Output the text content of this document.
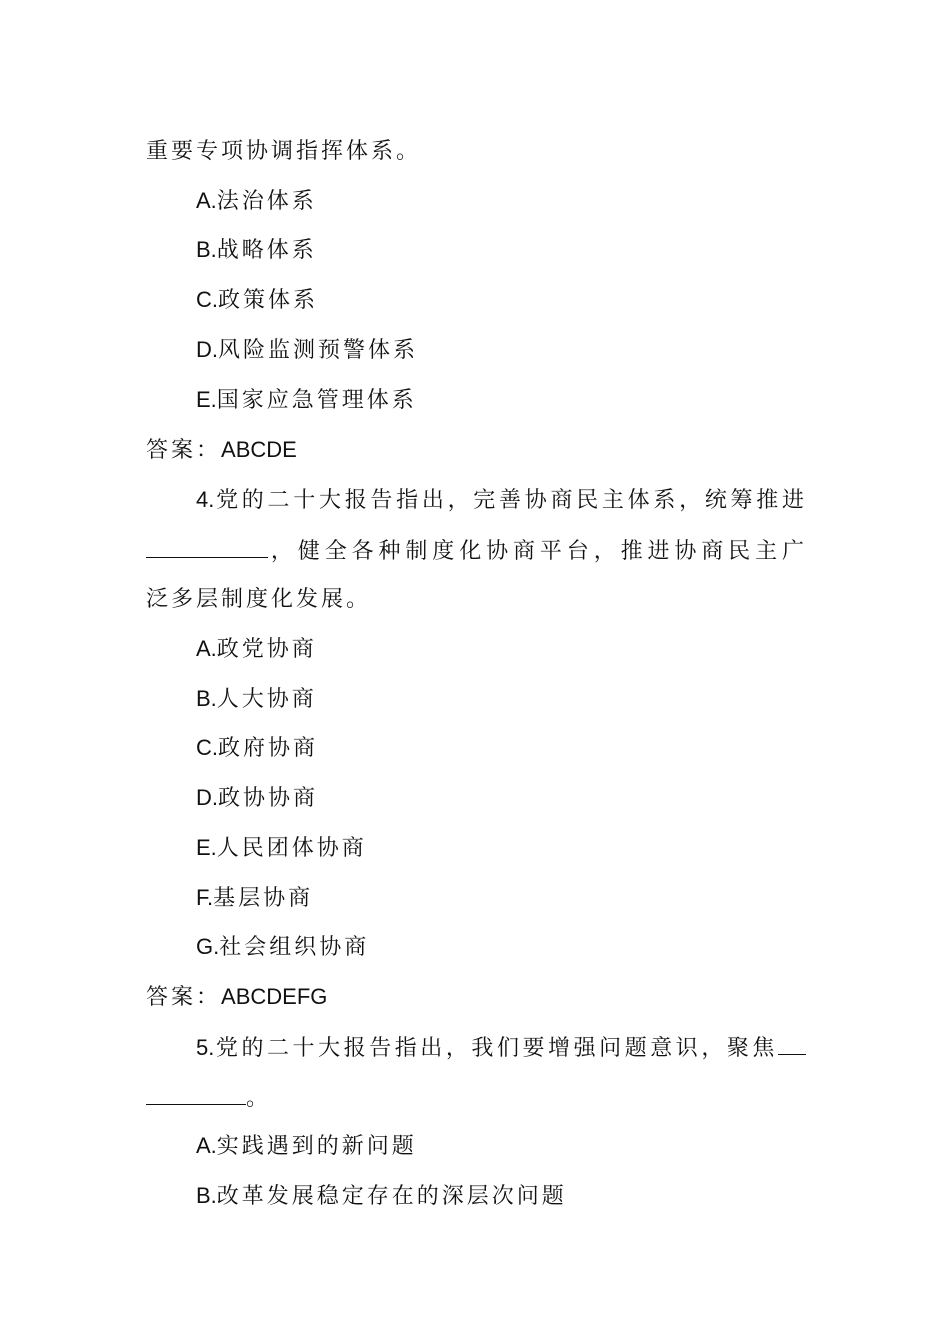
重要专项协调指挥体系。
A.法治体系
B.战略体系
C.政策体系
D.风险监测预警体系
E.国家应急管理体系
答案：ABCDE
4.党的二十大报告指出，完善协商民主体系，统筹推进
，健全各种制度化协商平台，推进协商民主广
泛多层制度化发展。
A.政党协商
B.人大协商
C.政府协商
D.政协协商
E.人民团体协商
F.基层协商
G.社会组织协商
答案：ABCDEFG
5.党的二十大报告指出，我们要增强问题意识，聚焦
。
A.实践遇到的新问题
B.改革发展稳定存在的深层次问题
